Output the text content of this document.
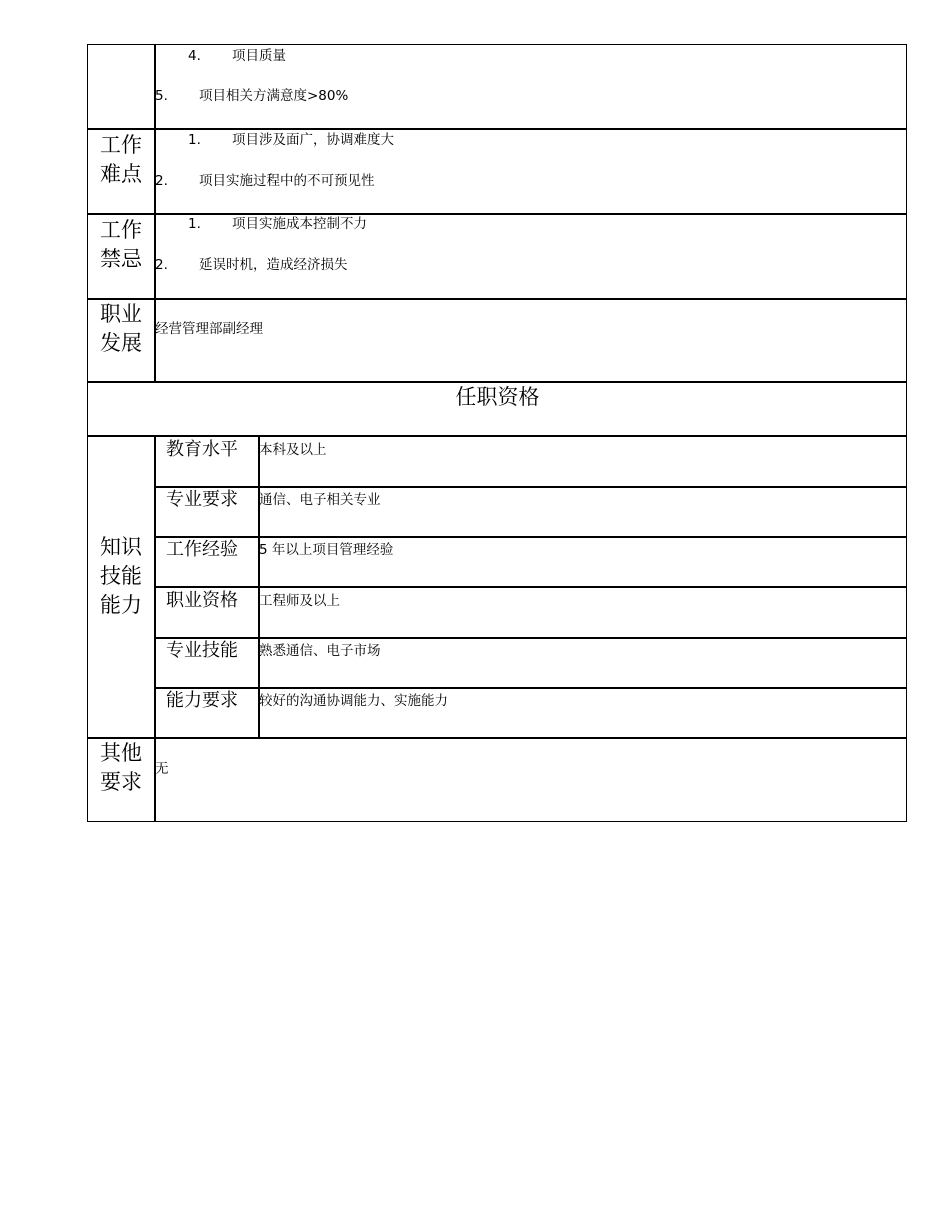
4. 项目质量
5. 项目相关方满意度>80%
工作
难点
1. 项目涉及面广，协调难度大
2. 项目实施过程中的不可预见性
工作
禁忌
1. 项目实施成本控制不力
2. 延误时机，造成经济损失
职业
发展
经营管理部副经理
任职资格
知识
技能
能力
教育水平 本科及以上
专业要求 通信、电子相关专业
工作经验 5 年以上项目管理经验
职业资格 工程师及以上
专业技能 熟悉通信、电子市场
能力要求 较好的沟通协调能力、实施能力
其他
要求
无
